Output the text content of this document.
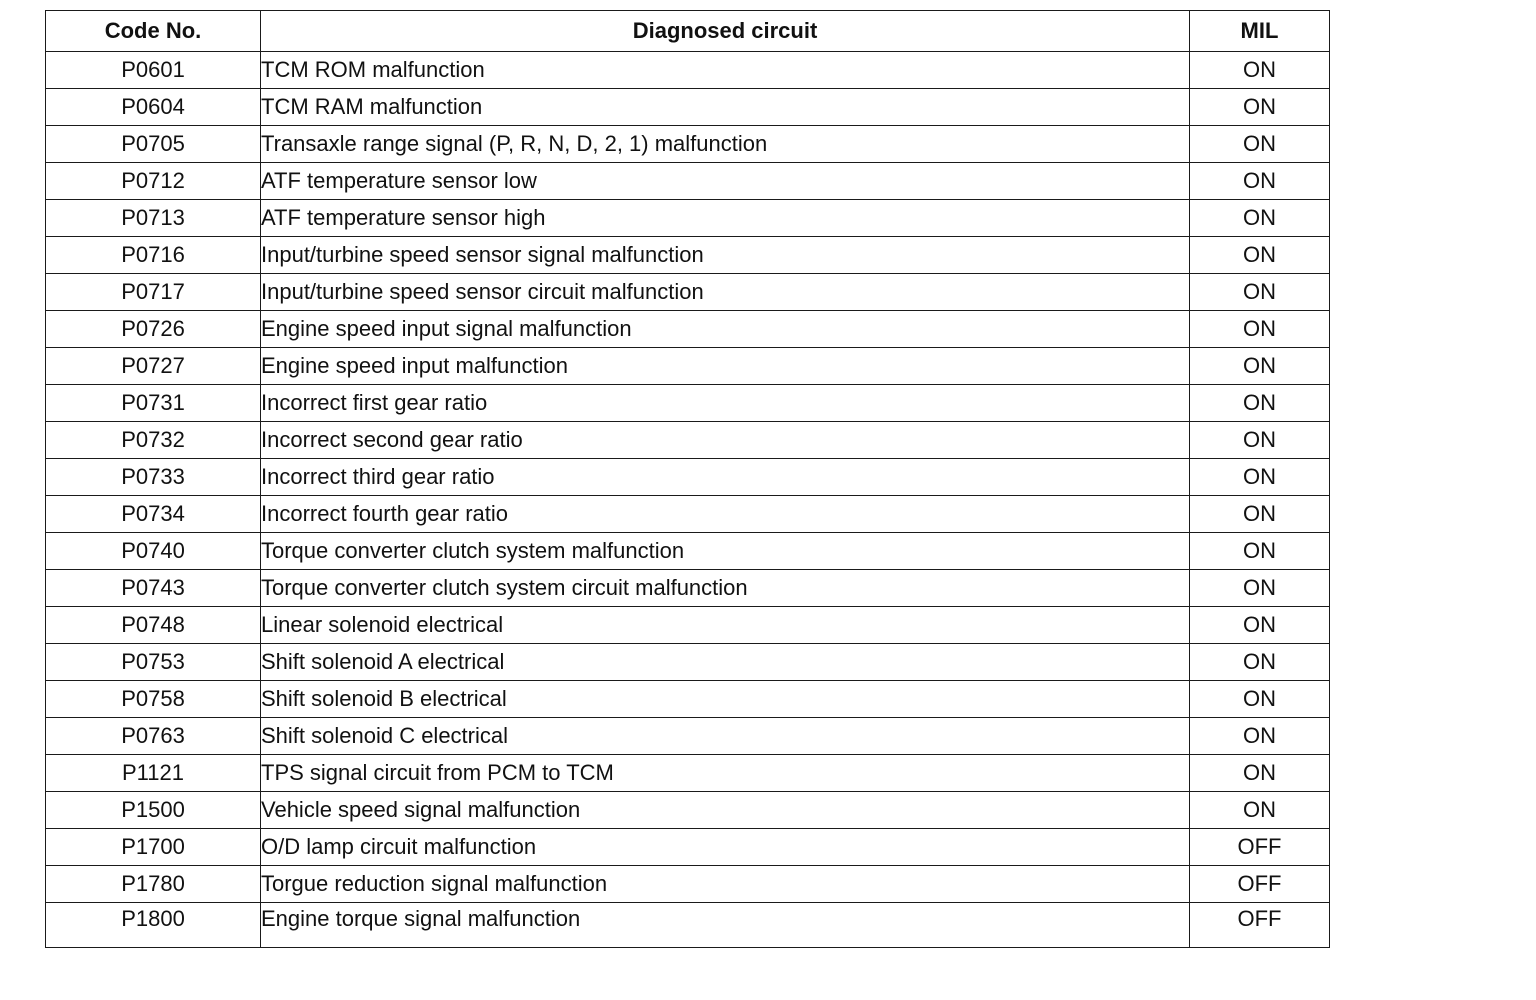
Code No.	Diagnosed circuit	MIL
P0601	TCM ROM malfunction	ON
P0604	TCM RAM malfunction	ON
P0705	Transaxle range signal (P, R, N, D, 2, 1) malfunction	ON
P0712	ATF temperature sensor low	ON
P0713	ATF temperature sensor high	ON
P0716	Input/turbine speed sensor signal malfunction	ON
P0717	Input/turbine speed sensor circuit malfunction	ON
P0726	Engine speed input signal malfunction	ON
P0727	Engine speed input malfunction	ON
P0731	Incorrect first gear ratio	ON
P0732	Incorrect second gear ratio	ON
P0733	Incorrect third gear ratio	ON
P0734	Incorrect fourth gear ratio	ON
P0740	Torque converter clutch system malfunction	ON
P0743	Torque converter clutch system circuit malfunction	ON
P0748	Linear solenoid electrical	ON
P0753	Shift solenoid A electrical	ON
P0758	Shift solenoid B electrical	ON
P0763	Shift solenoid C electrical	ON
P1121	TPS signal circuit from PCM to TCM	ON
P1500	Vehicle speed signal malfunction	ON
P1700	O/D lamp circuit malfunction	OFF
P1780	Torgue reduction signal malfunction	OFF
P1800	Engine torque signal malfunction	OFF
